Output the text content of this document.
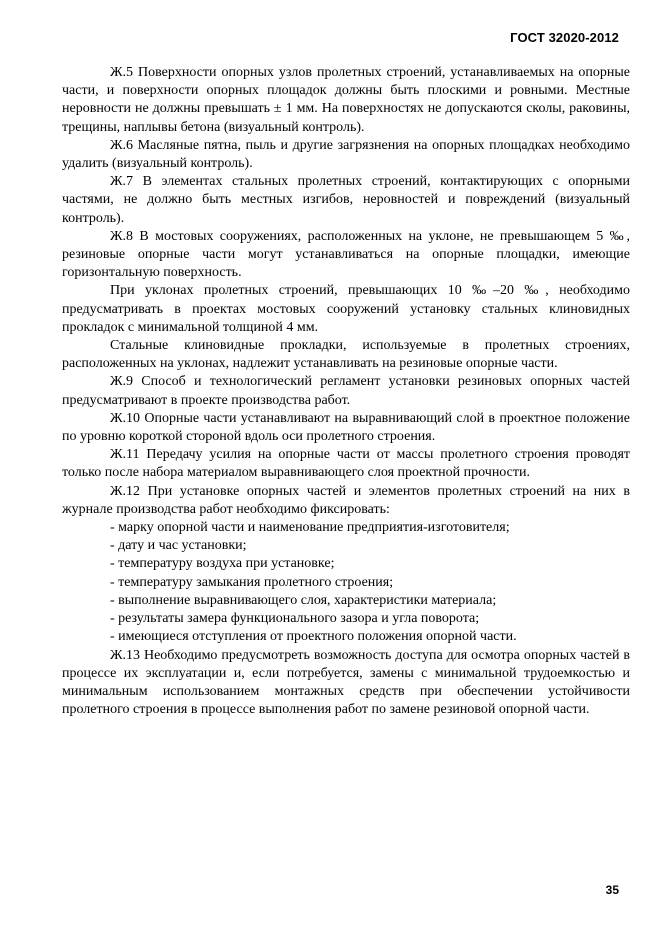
ГОСТ 32020-2012

Ж.5 Поверхности опорных узлов пролетных строений, устанавливаемых на опорные части, и поверхности опорных площадок должны быть плоскими и ровными. Местные неровности не должны превышать ± 1 мм. На поверхностях не допускаются сколы, раковины, трещины, наплывы бетона (визуальный контроль).

Ж.6 Масляные пятна, пыль и другие загрязнения на опорных площадках необходимо удалить (визуальный контроль).

Ж.7 В элементах стальных пролетных строений, контактирующих с опорными частями, не должно быть местных изгибов, неровностей и повреждений (визуальный контроль).

Ж.8 В мостовых сооружениях, расположенных на уклоне, не превышающем 5 ‰, резиновые опорные части могут устанавливаться на опорные площадки, имеющие горизонтальную поверхность.

При уклонах пролетных строений, превышающих 10 ‰–20 ‰, необходимо предусматривать в проектах мостовых сооружений установку стальных клиновидных прокладок с минимальной толщиной 4 мм.

Стальные клиновидные прокладки, используемые в пролетных строениях, расположенных на уклонах, надлежит устанавливать на резиновые опорные части.

Ж.9 Способ и технологический регламент установки резиновых опорных частей предусматривают в проекте производства работ.

Ж.10 Опорные части устанавливают на выравнивающий слой в проектное положение по уровню короткой стороной вдоль оси пролетного строения.

Ж.11 Передачу усилия на опорные части от массы пролетного строения проводят только после набора материалом выравнивающего слоя проектной прочности.

Ж.12 При установке опорных частей и элементов пролетных строений на них в журнале производства работ необходимо фиксировать:

- марку опорной части и наименование предприятия-изготовителя;
- дату и час установки;
- температуру воздуха при установке;
- температуру замыкания пролетного строения;
- выполнение выравнивающего слоя, характеристики материала;
- результаты замера функционального зазора и угла поворота;
- имеющиеся отступления от проектного положения опорной части.

Ж.13 Необходимо предусмотреть возможность доступа для осмотра опорных частей в процессе их эксплуатации и, если потребуется, замены с минимальной трудоемкостью и минимальным использованием монтажных средств при обеспечении устойчивости пролетного строения в процессе выполнения работ по замене резиновой опорной части.

35
